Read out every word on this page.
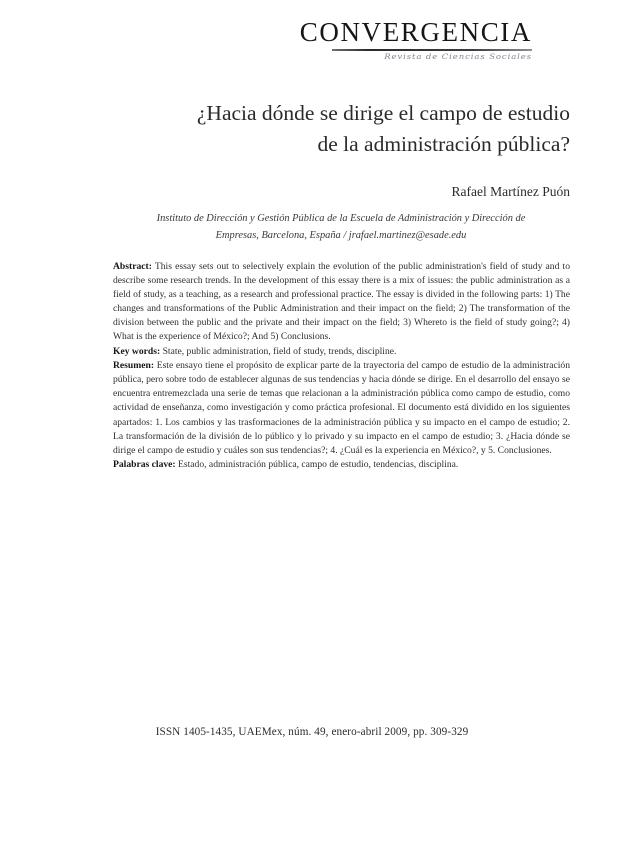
CONVERGENCIA
Revista de Ciencias Sociales
¿Hacia dónde se dirige el campo de estudio
de la administración pública?
Rafael Martínez Puón
Instituto de Dirección y Gestión Pública de la Escuela de Administración y Dirección de
Empresas, Barcelona, España / jrafael.martinez@esade.edu

Abstract: This essay sets out to selectively explain the evolution of the public administration's field of study and to describe some research trends. In the development of this essay there is a mix of issues: the public administration as a field of study, as a teaching, as a research and professional practice. The essay is divided in the following parts: 1) The changes and transformations of the Public Administration and their impact on the field; 2) The transformation of the division between the public and the private and their impact on the field; 3) Whereto is the field of study going?; 4) What is the experience of México?; And 5) Conclusions.

Key words: State, public administration, field of study, trends, discipline.

Resumen: Este ensayo tiene el propósito de explicar parte de la trayectoria del campo de estudio de la administración pública, pero sobre todo de establecer algunas de sus tendencias y hacia dónde se dirige. En el desarrollo del ensayo se encuentra entremezclada una serie de temas que relacionan a la administración pública como campo de estudio, como actividad de enseñanza, como investigación y como práctica profesional. El documento está dividido en los siguientes apartados: 1. Los cambios y las trasformaciones de la administración pública y su impacto en el campo de estudio; 2. La transformación de la división de lo público y lo privado y su impacto en el campo de estudio; 3. ¿Hacia dónde se dirige el campo de estudio y cuáles son sus tendencias?; 4. ¿Cuál es la experiencia en México?, y 5. Conclusiones.

Palabras clave: Estado, administración pública, campo de estudio, tendencias, disciplina.

ISSN 1405-1435, UAEMex, núm. 49, enero-abril 2009, pp. 309-329
